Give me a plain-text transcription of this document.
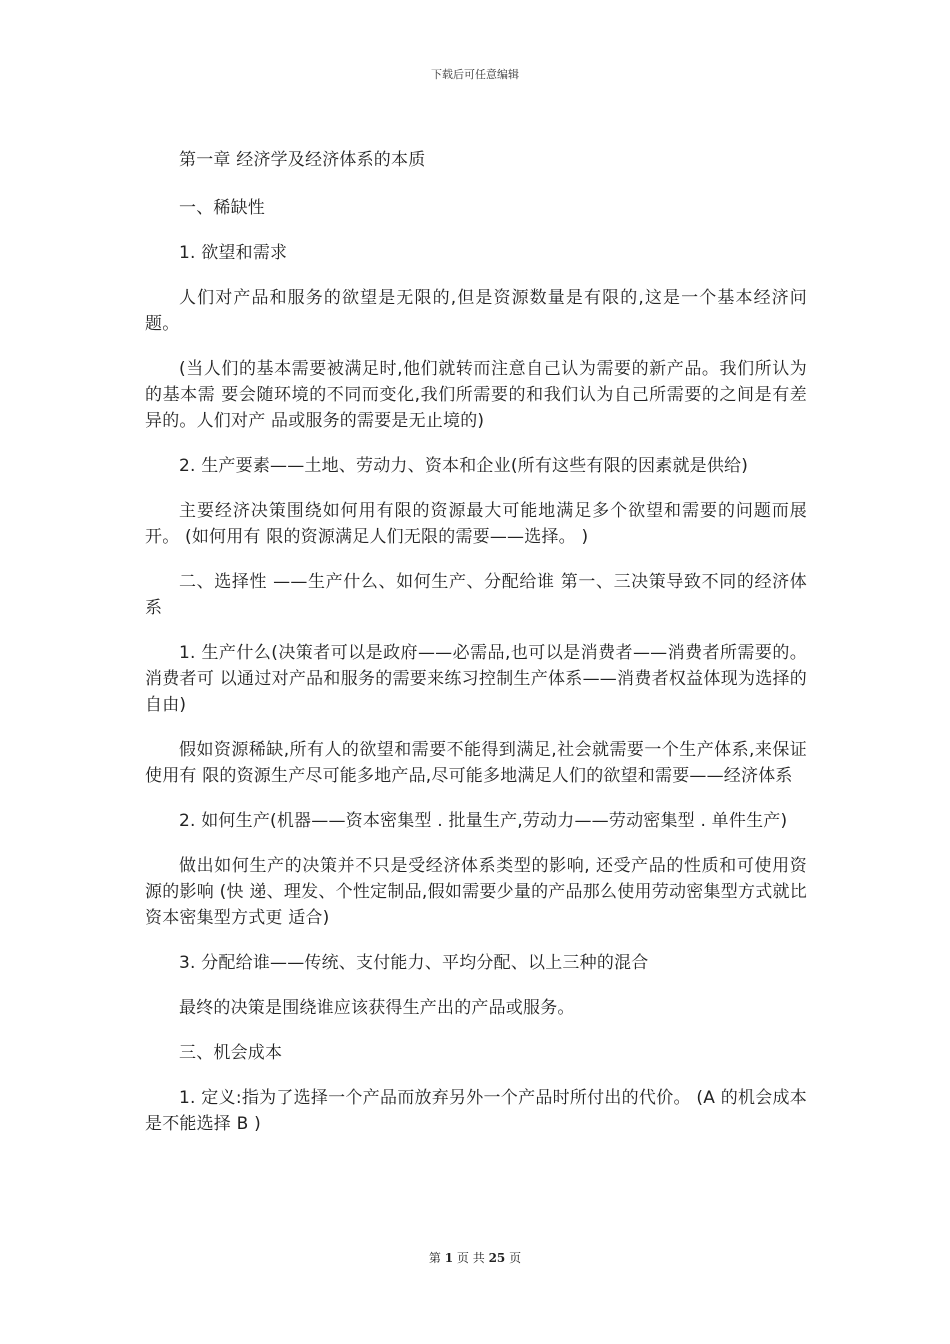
下载后可任意编辑

第一章 经济学及经济体系的本质

一、稀缺性

1. 欲望和需求

人们对产品和服务的欲望是无限的,但是资源数量是有限的,这是一个基本经济问题。

(当人们的基本需要被满足时,他们就转而注意自己认为需要的新产品。我们所认为的基本需 要会随环境的不同而变化,我们所需要的和我们认为自己所需要的之间是有差异的。人们对产 品或服务的需要是无止境的)

2. 生产要素——土地、劳动力、资本和企业(所有这些有限的因素就是供给)

主要经济决策围绕如何用有限的资源最大可能地满足多个欲望和需要的问题而展开。 (如何用有 限的资源满足人们无限的需要——选择。 )

二、选择性 ——生产什么、如何生产、分配给谁 第一、三决策导致不同的经济体系

1. 生产什么(决策者可以是政府——必需品,也可以是消费者——消费者所需要的。消费者可 以通过对产品和服务的需要来练习控制生产体系——消费者权益体现为选择的自由)

假如资源稀缺,所有人的欲望和需要不能得到满足,社会就需要一个生产体系,来保证使用有 限的资源生产尽可能多地产品,尽可能多地满足人们的欲望和需要——经济体系

2. 如何生产(机器——资本密集型 . 批量生产,劳动力——劳动密集型 . 单件生产)

做出如何生产的决策并不只是受经济体系类型的影响, 还受产品的性质和可使用资源的影响 (快 递、理发、个性定制品,假如需要少量的产品那么使用劳动密集型方式就比资本密集型方式更 适合)

3. 分配给谁——传统、支付能力、平均分配、以上三种的混合

最终的决策是围绕谁应该获得生产出的产品或服务。

三、机会成本

1. 定义:指为了选择一个产品而放弃另外一个产品时所付出的代价。 (A 的机会成本是不能选择 B )

第 1 页 共 25 页
